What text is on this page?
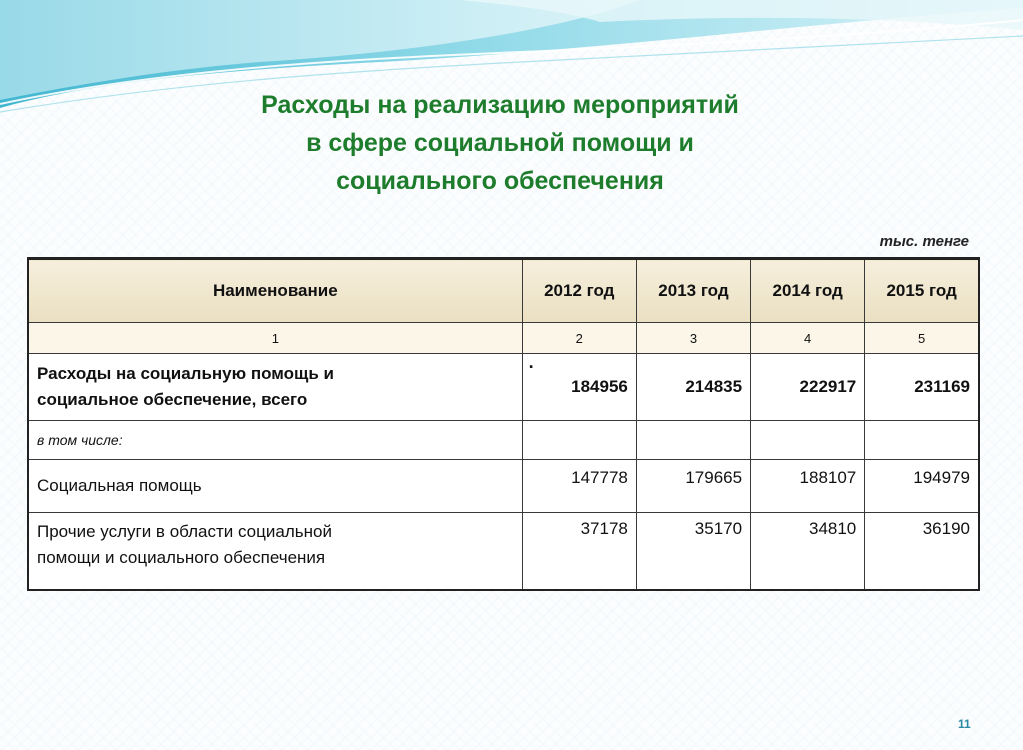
Расходы на реализацию мероприятий
в сфере социальной помощи и
социального обеспечения
тыс. тенге
Наименование	2012 год	2013 год	2014 год	2015 год
1	2	3	4	5

Расходы на социальную помощь и
социальное обеспечение, всего	· 184956	214835	222917	231169
в том числе:				
Социальная помощь	147778	179665	188107	194979

Прочие услуги в области социальной
помощи и социального обеспечения	37178	35170	34810	36190
11
